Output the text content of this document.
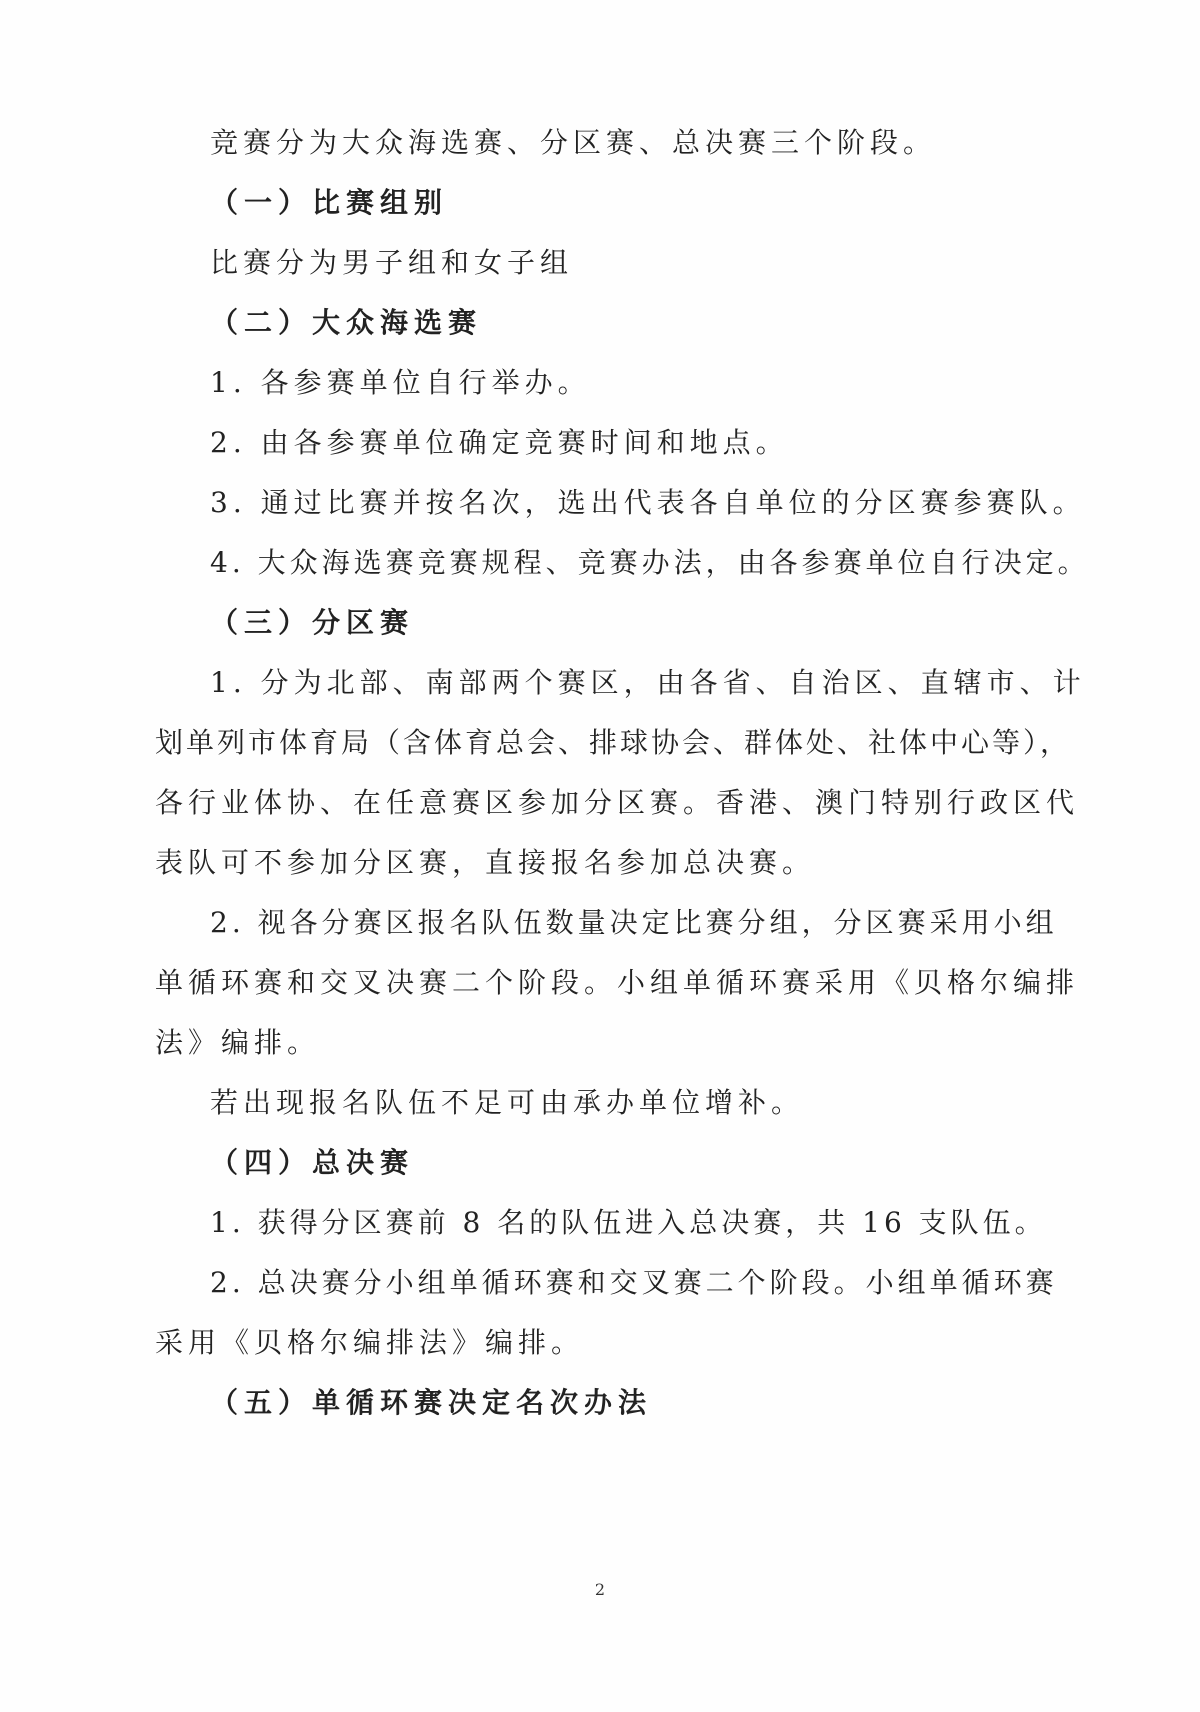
竞赛分为大众海选赛、分区赛、总决赛三个阶段。
（一）比赛组别
比赛分为男子组和女子组
（二）大众海选赛
1. 各参赛单位自行举办。
2. 由各参赛单位确定竞赛时间和地点。
3. 通过比赛并按名次，选出代表各自单位的分区赛参赛队。
4. 大众海选赛竞赛规程、竞赛办法，由各参赛单位自行决定。
（三）分区赛
1. 分为北部、南部两个赛区，由各省、自治区、直辖市、计
划单列市体育局（含体育总会、排球协会、群体处、社体中心等），
各行业体协、在任意赛区参加分区赛。香港、澳门特别行政区代
表队可不参加分区赛，直接报名参加总决赛。
2. 视各分赛区报名队伍数量决定比赛分组，分区赛采用小组
单循环赛和交叉决赛二个阶段。小组单循环赛采用《贝格尔编排
法》编排。
若出现报名队伍不足可由承办单位增补。
（四）总决赛
1. 获得分区赛前 8 名的队伍进入总决赛，共 16 支队伍。
2. 总决赛分小组单循环赛和交叉赛二个阶段。小组单循环赛
采用《贝格尔编排法》编排。
（五）单循环赛决定名次办法
2
